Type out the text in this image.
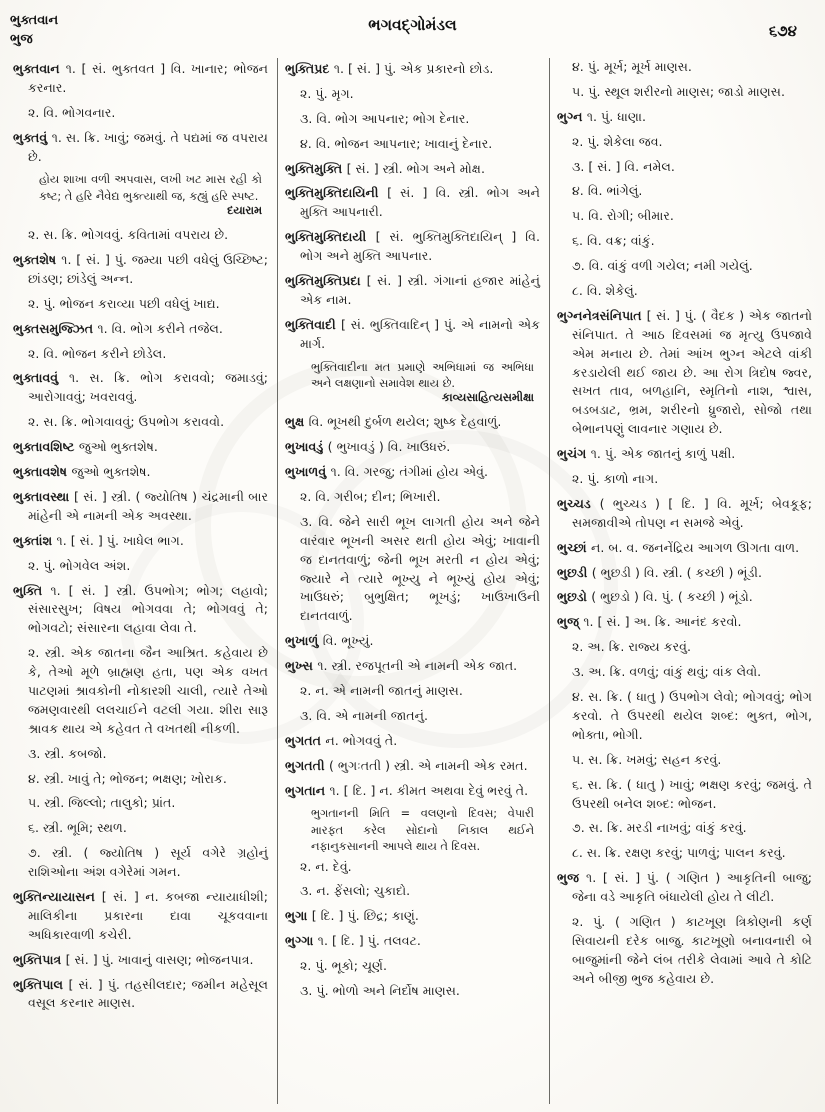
ભુક્તવાન
ભુજ
ભગવદ્ગોમંડલ	૬૭૪

ભુક્તવાન ૧. [ સં. ભુક્તવત ] વિ. ખાનાર; ભોજન કરનાર.

૨. વિ. ભોગવનાર.

ભુક્તવું ૧. સ. ક્રિ. ખાવું; જમવું. તે પદ્યમાં જ વપરાય છે.

હોય શાખા વળી અપવાસ, લખી ખટ માસ રહી કો કષ્ટ; તે હરિ નૈવેદ્ય ભુક્ત્યાથી જ, કહ્યું હરિ સ્પષ્ટ.

દયારામ

૨. સ. ક્રિ. ભોગવવું. કવિતામાં વપરાય છે.

ભુક્તશેષ ૧. [ સં. ] પું. જમ્યા પછી વધેલું ઉચ્છિષ્ટ; છાંડણ; છાંડેલું અન્ન.

૨. પું. ભોજન કરાવ્યા પછી વધેલું ખાદ્ય.

ભુક્તસમુજ્ઝિત ૧. વિ. ભોગ કરીને તજેલ.

૨. વિ. ભોજન કરીને છોડેલ.

ભુક્તાવવું ૧. સ. ક્રિ. ભોગ કરાવવો; જમાડવું; આરોગાવવું; ખવરાવવું.

૨. સ. ક્રિ. ભોગવાવવું; ઉપભોગ કરાવવો.

ભુક્તાવશિષ્ટ જુઓ ભુક્તશેષ.

ભુક્તાવશેષ જુઓ ભુક્તશેષ.

ભુક્તાવસ્થા [ સં. ] સ્ત્રી. ( જ્યોતિષ ) ચંદ્રમાની બાર માંહેની એ નામની એક અવસ્થા.

ભુક્તાંશ ૧. [ સં. ] પું. ખાધેલ ભાગ.

૨. પું. ભોગવેલ અંશ.

ભુક્તિ ૧. [ સં. ] સ્ત્રી. ઉપભોગ; ભોગ; લહાવો; સંસારસુખ; વિષય ભોગવવા તે; ભોગવવું તે; ભોગવટો; સંસારના લહાવા લેવા તે.

૨. સ્ત્રી. એક જાતના જૈન આશ્રિત. કહેવાય છે કે, તેઓ મૂળે બ્રાહ્મણ હતા, પણ એક વખત પાટણમાં શ્રાવકોની નોકારશી ચાલી, ત્યારે તેઓ જમણવારથી લલચાઈને વટલી ગયા. શીરા સારૂ શ્રાવક થાય એ કહેવત તે વખતથી નીકળી.

૩. સ્ત્રી. કબજો.

૪. સ્ત્રી. ખાવું તે; ભોજન; ભક્ષણ; ખોરાક.

૫. સ્ત્રી. જિલ્લો; તાલુકો; પ્રાંત.

૬. સ્ત્રી. ભૂમિ; સ્થળ.

૭. સ્ત્રી. ( જ્યોતિષ ) સૂર્ય વગેરે ગ્રહોનું રાશિઓના અંશ વગેરેમાં ગમન.

ભુક્તિન્યાયાસન [ સં. ] ન. કબજા ન્યાયાધીશી; માલિકીના પ્રકારના દાવા ચૂકવવાના અધિકારવાળી કચેરી.

ભુક્તિપાત્ર [ સં. ] પું. ખાવાનું વાસણ; ભોજનપાત્ર.

ભુક્તિપાલ [ સં. ] પું. તહસીલદાર; જમીન મહેસૂલ વસૂલ કરનાર માણસ.

ભુક્તિપ્રદ ૧. [ સં. ] પું. એક પ્રકારનો છોડ.

૨. પું. મૃગ.

૩. વિ. ભોગ આપનાર; ભોગ દેનાર.

૪. વિ. ભોજન આપનાર; ખાવાનું દેનાર.

ભુક્તિમુક્તિ [ સં. ] સ્ત્રી. ભોગ અને મોક્ષ.

ભુક્તિમુક્તિદાયિની [ સં. ] વિ. સ્ત્રી. ભોગ અને મુક્તિ આપનારી.

ભુક્તિમુક્તિદાયી [ સં. ભુક્તિમુક્તિદાયિન્ ] વિ. ભોગ અને મુક્તિ આપનાર.

ભુક્તિમુક્તિપ્રદા [ સં. ] સ્ત્રી. ગંગાનાં હજાર માંહેનું એક નામ.

ભુક્તિવાદી [ સં. ભુક્તિવાદિન્ ] પું. એ નામનો એક માર્ગ.

ભુક્તિવાદીના મત પ્રમાણે અભિધામાં જ અભિધા અને લક્ષણાનો સમાવેશ થાય છે.

કાવ્યસાહિત્યસમીક્ષા

ભુક્ષ વિ. ભૂખથી દુર્બળ થયેલ; શુષ્ક દેહવાળું.

ભુખાવડું ( ભુખાવડું ) વિ. ખાઉધરું.

ભુખાળવું ૧. વિ. ગરજુ; તંગીમાં હોય એવું.

૨. વિ. ગરીબ; દીન; ભિખારી.

૩. વિ. જેને સારી ભૂખ લાગતી હોય અને જેને વારંવાર ભૂખની અસર થતી હોય એવું; ખાવાની જ દાનતવાળું; જેની ભૂખ મરતી ન હોય એવું; જ્યારે ને ત્યારે ભૂખ્યુ ને ભૂખ્યું હોય એવું; ખાઉધરું; બુભુક્ષિત; ભૂખડું; ખાઉખાઉની દાનતવાળું.

ભુખાળું વિ. ભૂખ્યું.

ભુખ્સ ૧. સ્ત્રી. રજપૂતની એ નામની એક જાત.

૨. ન. એ નામની જાતનું માણસ.

૩. વિ. એ નામની જાતનું.

ભુગતત ન. ભોગવવું તે.

ભુગતતી ( ભુગઃતતી ) સ્ત્રી. એ નામની એક રમત.

ભુગતાન ૧. [ દિ. ] ન. કીમત અથવા દેવું ભરવું તે.

ભુગતાનની મિતિ = વલણનો દિવસ; વેપારી મારફત કરેલ સોદાનો નિકાલ થઈને નફાનુકસાનની આપલે થાય તે દિવસ.

૨. ન. દેવું.

૩. ન. ફેંસલો; ચુકાદો.

ભુગા [ દિ. ] પું. છિદ્ર; કાણું.

ભુગ્ગા ૧. [ દિ. ] પું. તલવટ.

૨. પું. ભૂકો; ચૂર્ણ.

૩. પું. ભોળો અને નિર્દોષ માણસ.

૪. પું. મૂર્ખ; મૂર્ખ માણસ.

૫. પું. સ્થૂલ શરીરનો માણસ; જાડો માણસ.

ભુગ્ન ૧. પું. ધાણા.

૨. પું. શેકેલા જવ.

૩. [ સં. ] વિ. નમેલ.

૪. વિ. ભાંગેલું.

૫. વિ. રોગી; બીમાર.

૬. વિ. વક્ર; વાંકું.

૭. વિ. વાંકું વળી ગયેલ; નમી ગયેલું.

૮. વિ. શેકેલું.

ભુગ્નનેત્રસંનિપાત [ સં. ] પું. ( વૈદક ) એક જાતનો સંનિપાત. તે આઠ દિવસમાં જ મૃત્યુ ઉપજાવે એમ મનાય છે. તેમાં આંખ ભુગ્ન એટલે વાંકી કરડાયેલી થઈ જાય છે. આ રોગ ત્રિદોષ જ્વર, સખત તાવ, બળહાનિ, સ્મૃતિનો નાશ, શ્વાસ, બડબડાટ, ભ્રમ, શરીરનો ધ્રુજારો, સોજો તથા બેભાનપણું લાવનાર ગણાય છે.

ભુચંગ ૧. પું. એક જાતનું કાળું પક્ષી.

૨. પું. કાળો નાગ.

ભુચ્ચડ ( ભુચ્ચડ ) [ દિ. ] વિ. મૂર્ખ; બેવકૂફ; સમજાવીએ તોપણ ન સમજે એવું.

ભુચ્છાં ન. બ. વ. જનનેંદ્રિય આગળ ઊગતા વાળ.

ભુછડી ( ભુછડી ) વિ. સ્ત્રી. ( કચ્છી ) ભૂંડી.

ભુછડો ( ભુછડો ) વિ. પું. ( કચ્છી ) ભૂંડો.

ભુજ્ ૧. [ સં. ] અ. ક્રિ. આનંદ કરવો.

૨. અ. ક્રિ. રાજ્ય કરવું.

૩. અ. ક્રિ. વળવું; વાંકું થવું; વાંક લેવો.

૪. સ. ક્રિ. ( ધાતુ ) ઉપભોગ લેવો; ભોગવવું; ભોગ કરવો. તે ઉપરથી થયેલ શબ્દ: ભુક્ત, ભોગ, ભોક્તા, ભોગી.

૫. સ. ક્રિ. ખમવું; સહન કરવું.

૬. સ. ક્રિ. ( ધાતુ ) ખાવું; ભક્ષણ કરવું; જમવું. તે ઉપરથી બનેલ શબ્દ: ભોજન.

૭. સ. ક્રિ. મરડી નાખવું; વાંકું કરવું.

૮. સ. ક્રિ. રક્ષણ કરવું; પાળવું; પાલન કરવું.

ભુજ ૧. [ સં. ] પું. ( ગણિત ) આકૃતિની બાજુ; જેના વડે આકૃતિ બંધાયેલી હોય તે લીટી.

૨. પું. ( ગણિત ) કાટખૂણ ત્રિકોણની કર્ણ સિવાયની દરેક બાજુ. કાટખૂણો બનાવનારી બે બાજુમાંની જેને લંબ તરીકે લેવામાં આવે તે કોટિ અને બીજી ભુજ કહેવાય છે.
